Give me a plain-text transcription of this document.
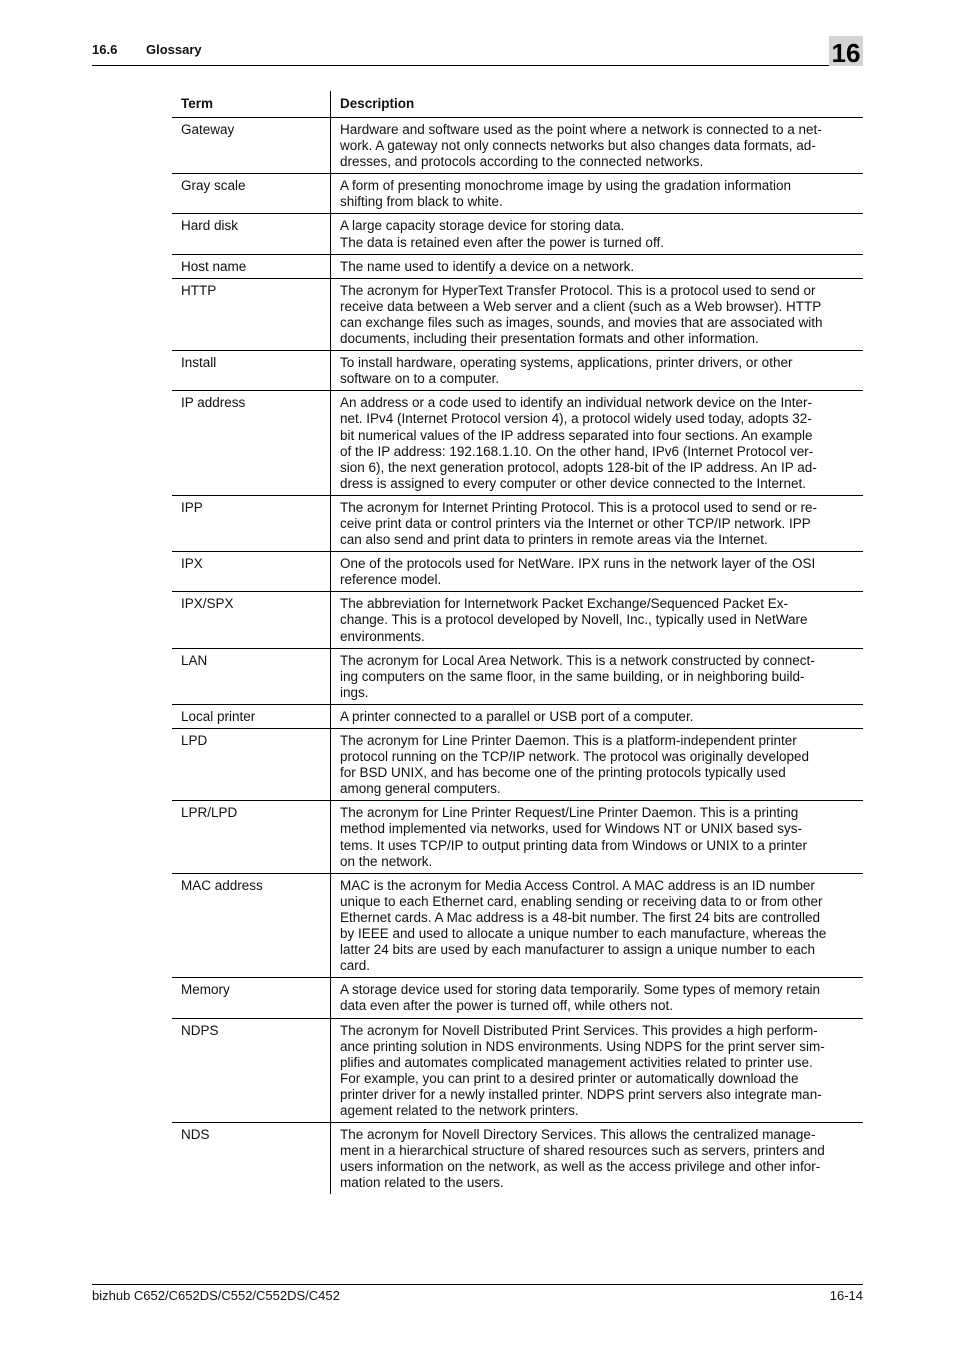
16.6 Glossary	16
Term	Description
Gateway	Hardware and software used as the point where a network is connected to a net-
work. A gateway not only connects networks but also changes data formats, ad-
dresses, and protocols according to the connected networks.
Gray scale	A form of presenting monochrome image by using the gradation information
shifting from black to white.
Hard disk	A large capacity storage device for storing data.
The data is retained even after the power is turned off.
Host name	The name used to identify a device on a network.
HTTP	The acronym for HyperText Transfer Protocol. This is a protocol used to send or
receive data between a Web server and a client (such as a Web browser). HTTP
can exchange files such as images, sounds, and movies that are associated with
documents, including their presentation formats and other information.
Install	To install hardware, operating systems, applications, printer drivers, or other
software on to a computer.
IP address	An address or a code used to identify an individual network device on the Inter-
net. IPv4 (Internet Protocol version 4), a protocol widely used today, adopts 32-
bit numerical values of the IP address separated into four sections. An example
of the IP address: 192.168.1.10. On the other hand, IPv6 (Internet Protocol ver-
sion 6), the next generation protocol, adopts 128-bit of the IP address. An IP ad-
dress is assigned to every computer or other device connected to the Internet.
IPP	The acronym for Internet Printing Protocol. This is a protocol used to send or re-
ceive print data or control printers via the Internet or other TCP/IP network. IPP
can also send and print data to printers in remote areas via the Internet.
IPX	One of the protocols used for NetWare. IPX runs in the network layer of the OSI
reference model.
IPX/SPX	The abbreviation for Internetwork Packet Exchange/Sequenced Packet Ex-
change. This is a protocol developed by Novell, Inc., typically used in NetWare
environments.
LAN	The acronym for Local Area Network. This is a network constructed by connect-
ing computers on the same floor, in the same building, or in neighboring build-
ings.
Local printer	A printer connected to a parallel or USB port of a computer.
LPD	The acronym for Line Printer Daemon. This is a platform-independent printer
protocol running on the TCP/IP network. The protocol was originally developed
for BSD UNIX, and has become one of the printing protocols typically used
among general computers.
LPR/LPD	The acronym for Line Printer Request/Line Printer Daemon. This is a printing
method implemented via networks, used for Windows NT or UNIX based sys-
tems. It uses TCP/IP to output printing data from Windows or UNIX to a printer
on the network.
MAC address	MAC is the acronym for Media Access Control. A MAC address is an ID number
unique to each Ethernet card, enabling sending or receiving data to or from other
Ethernet cards. A Mac address is a 48-bit number. The first 24 bits are controlled
by IEEE and used to allocate a unique number to each manufacture, whereas the
latter 24 bits are used by each manufacturer to assign a unique number to each
card.
Memory	A storage device used for storing data temporarily. Some types of memory retain
data even after the power is turned off, while others not.
NDPS	The acronym for Novell Distributed Print Services. This provides a high perform-
ance printing solution in NDS environments. Using NDPS for the print server sim-
plifies and automates complicated management activities related to printer use.
For example, you can print to a desired printer or automatically download the
printer driver for a newly installed printer. NDPS print servers also integrate man-
agement related to the network printers.
NDS	The acronym for Novell Directory Services. This allows the centralized manage-
ment in a hierarchical structure of shared resources such as servers, printers and
users information on the network, as well as the access privilege and other infor-
mation related to the users.
bizhub C652/C652DS/C552/C552DS/C452	16-14
